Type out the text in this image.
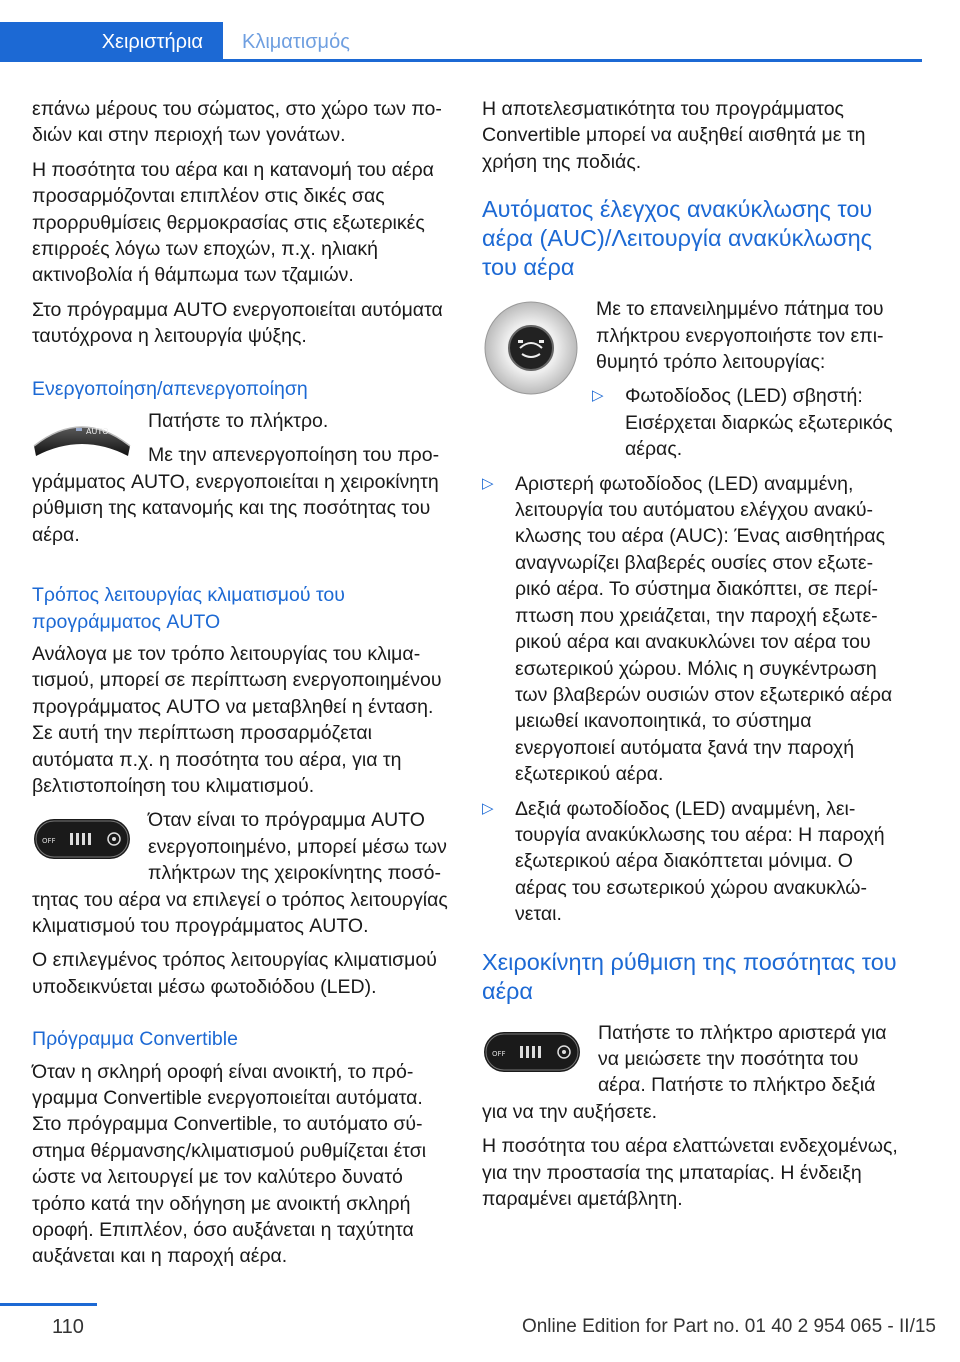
Χειριστήρια	Κλιματισμός

επάνω μέρους του σώματος, στο χώρο των ποδιών και στην περιοχή των γονάτων.

Η ποσότητα του αέρα και η κατανομή του αέρα προσαρμόζονται επιπλέον στις δικές σας προρρυθμίσεις θερμοκρασίας στις εξωτερικές επιρροές λόγω των εποχών, π.χ. ηλιακή ακτινοβολία ή θάμπωμα των τζαμιών.

Στο πρόγραμμα AUTO ενεργοποιείται αυτόματα ταυτόχρονα η λειτουργία ψύξης.

Ενεργοποίηση/απενεργοποίηση
AUTO	Πατήστε το πλήκτρο.

Με την απενεργοποίηση του προγράμματος AUTO, ενεργοποιείται η χειροκίνητη ρύθμιση της κατανομής και της ποσότητας του αέρα.

Τρόπος λειτουργίας κλιματισμού του προγράμματος AUTO

Ανάλογα με τον τρόπο λειτουργίας του κλιματισμού, μπορεί σε περίπτωση ενεργοποιημένου προγράμματος AUTO να μεταβληθεί η ένταση. Σε αυτή την περίπτωση προσαρμόζεται αυτόματα π.χ. η ποσότητα του αέρα, για τη βελτιστοποίηση του κλιματισμού.

OFF

Όταν είναι το πρόγραμμα AUTO ενεργοποιημένο, μπορεί μέσω των πλήκτρων της χειροκίνητης ποσότητας του αέρα να επιλεγεί ο τρόπος λειτουργίας κλιματισμού του προγράμματος AUTO.

Ο επιλεγμένος τρόπος λειτουργίας κλιματισμού υποδεικνύεται μέσω φωτοδιόδου (LED).

Πρόγραμμα Convertible

Όταν η σκληρή οροφή είναι ανοικτή, το πρόγραμμα Convertible ενεργοποιείται αυτόματα. Στο πρόγραμμα Convertible, το αυτόματο σύστημα θέρμανσης/κλιματισμού ρυθμίζεται έτσι ώστε να λειτουργεί με τον καλύτερο δυνατό τρόπο κατά την οδήγηση με ανοικτή σκληρή οροφή. Επιπλέον, όσο αυξάνεται η ταχύτητα αυξάνεται και η παροχή αέρα.

Η αποτελεσματικότητα του προγράμματος Convertible μπορεί να αυξηθεί αισθητά με τη χρήση της ποδιάς.

Αυτόματος έλεγχος ανακύκλωσης του αέρα (AUC)/Λειτουργία ανακύκλωσης του αέρα

Με το επανειλημμένο πάτημα του πλήκτρου ενεργοποιήστε τον επιθυμητό τρόπο λειτουργίας:

▷ Φωτοδίοδος (LED) σβηστή: Εισέρχεται διαρκώς εξωτερικός αέρας.
▷ Αριστερή φωτοδίοδος (LED) αναμμένη, λειτουργία του αυτόματου ελέγχου ανακύκλωσης του αέρα (AUC): Ένας αισθητήρας αναγνωρίζει βλαβερές ουσίες στον εξωτερικό αέρα. Το σύστημα διακόπτει, σε περίπτωση που χρειάζεται, την παροχή εξωτερικού αέρα και ανακυκλώνει τον αέρα του εσωτερικού χώρου. Μόλις η συγκέντρωση των βλαβερών ουσιών στον εξωτερικό αέρα μειωθεί ικανοποιητικά, το σύστημα ενεργοποιεί αυτόματα ξανά την παροχή εξωτερικού αέρα.
▷ Δεξιά φωτοδίοδος (LED) αναμμένη, λειτουργία ανακύκλωσης του αέρα: Η παροχή εξωτερικού αέρα διακόπτεται μόνιμα. Ο αέρας του εσωτερικού χώρου ανακυκλώνεται.
Χειροκίνητη ρύθμιση της ποσότητας του αέρα
OFF

Πατήστε το πλήκτρο αριστερά για να μειώσετε την ποσότητα του αέρα. Πατήστε το πλήκτρο δεξιά για να την αυξήσετε.

Η ποσότητα του αέρα ελαττώνεται ενδεχομένως, για την προστασία της μπαταρίας. Η ένδειξη παραμένει αμετάβλητη.

110	Online Edition for Part no. 01 40 2 954 065 - II/15
